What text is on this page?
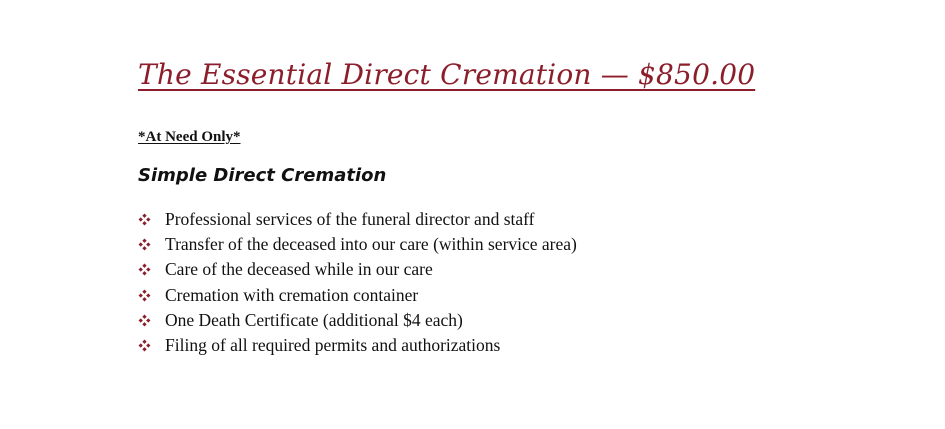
The Essential Direct Cremation — $850.00

*At Need Only*

Simple Direct Cremation
Professional services of the funeral director and staff
Transfer of the deceased into our care (within service area)
Care of the deceased while in our care
Cremation with cremation container
One Death Certificate (additional $4 each)
Filing of all required permits and authorizations
